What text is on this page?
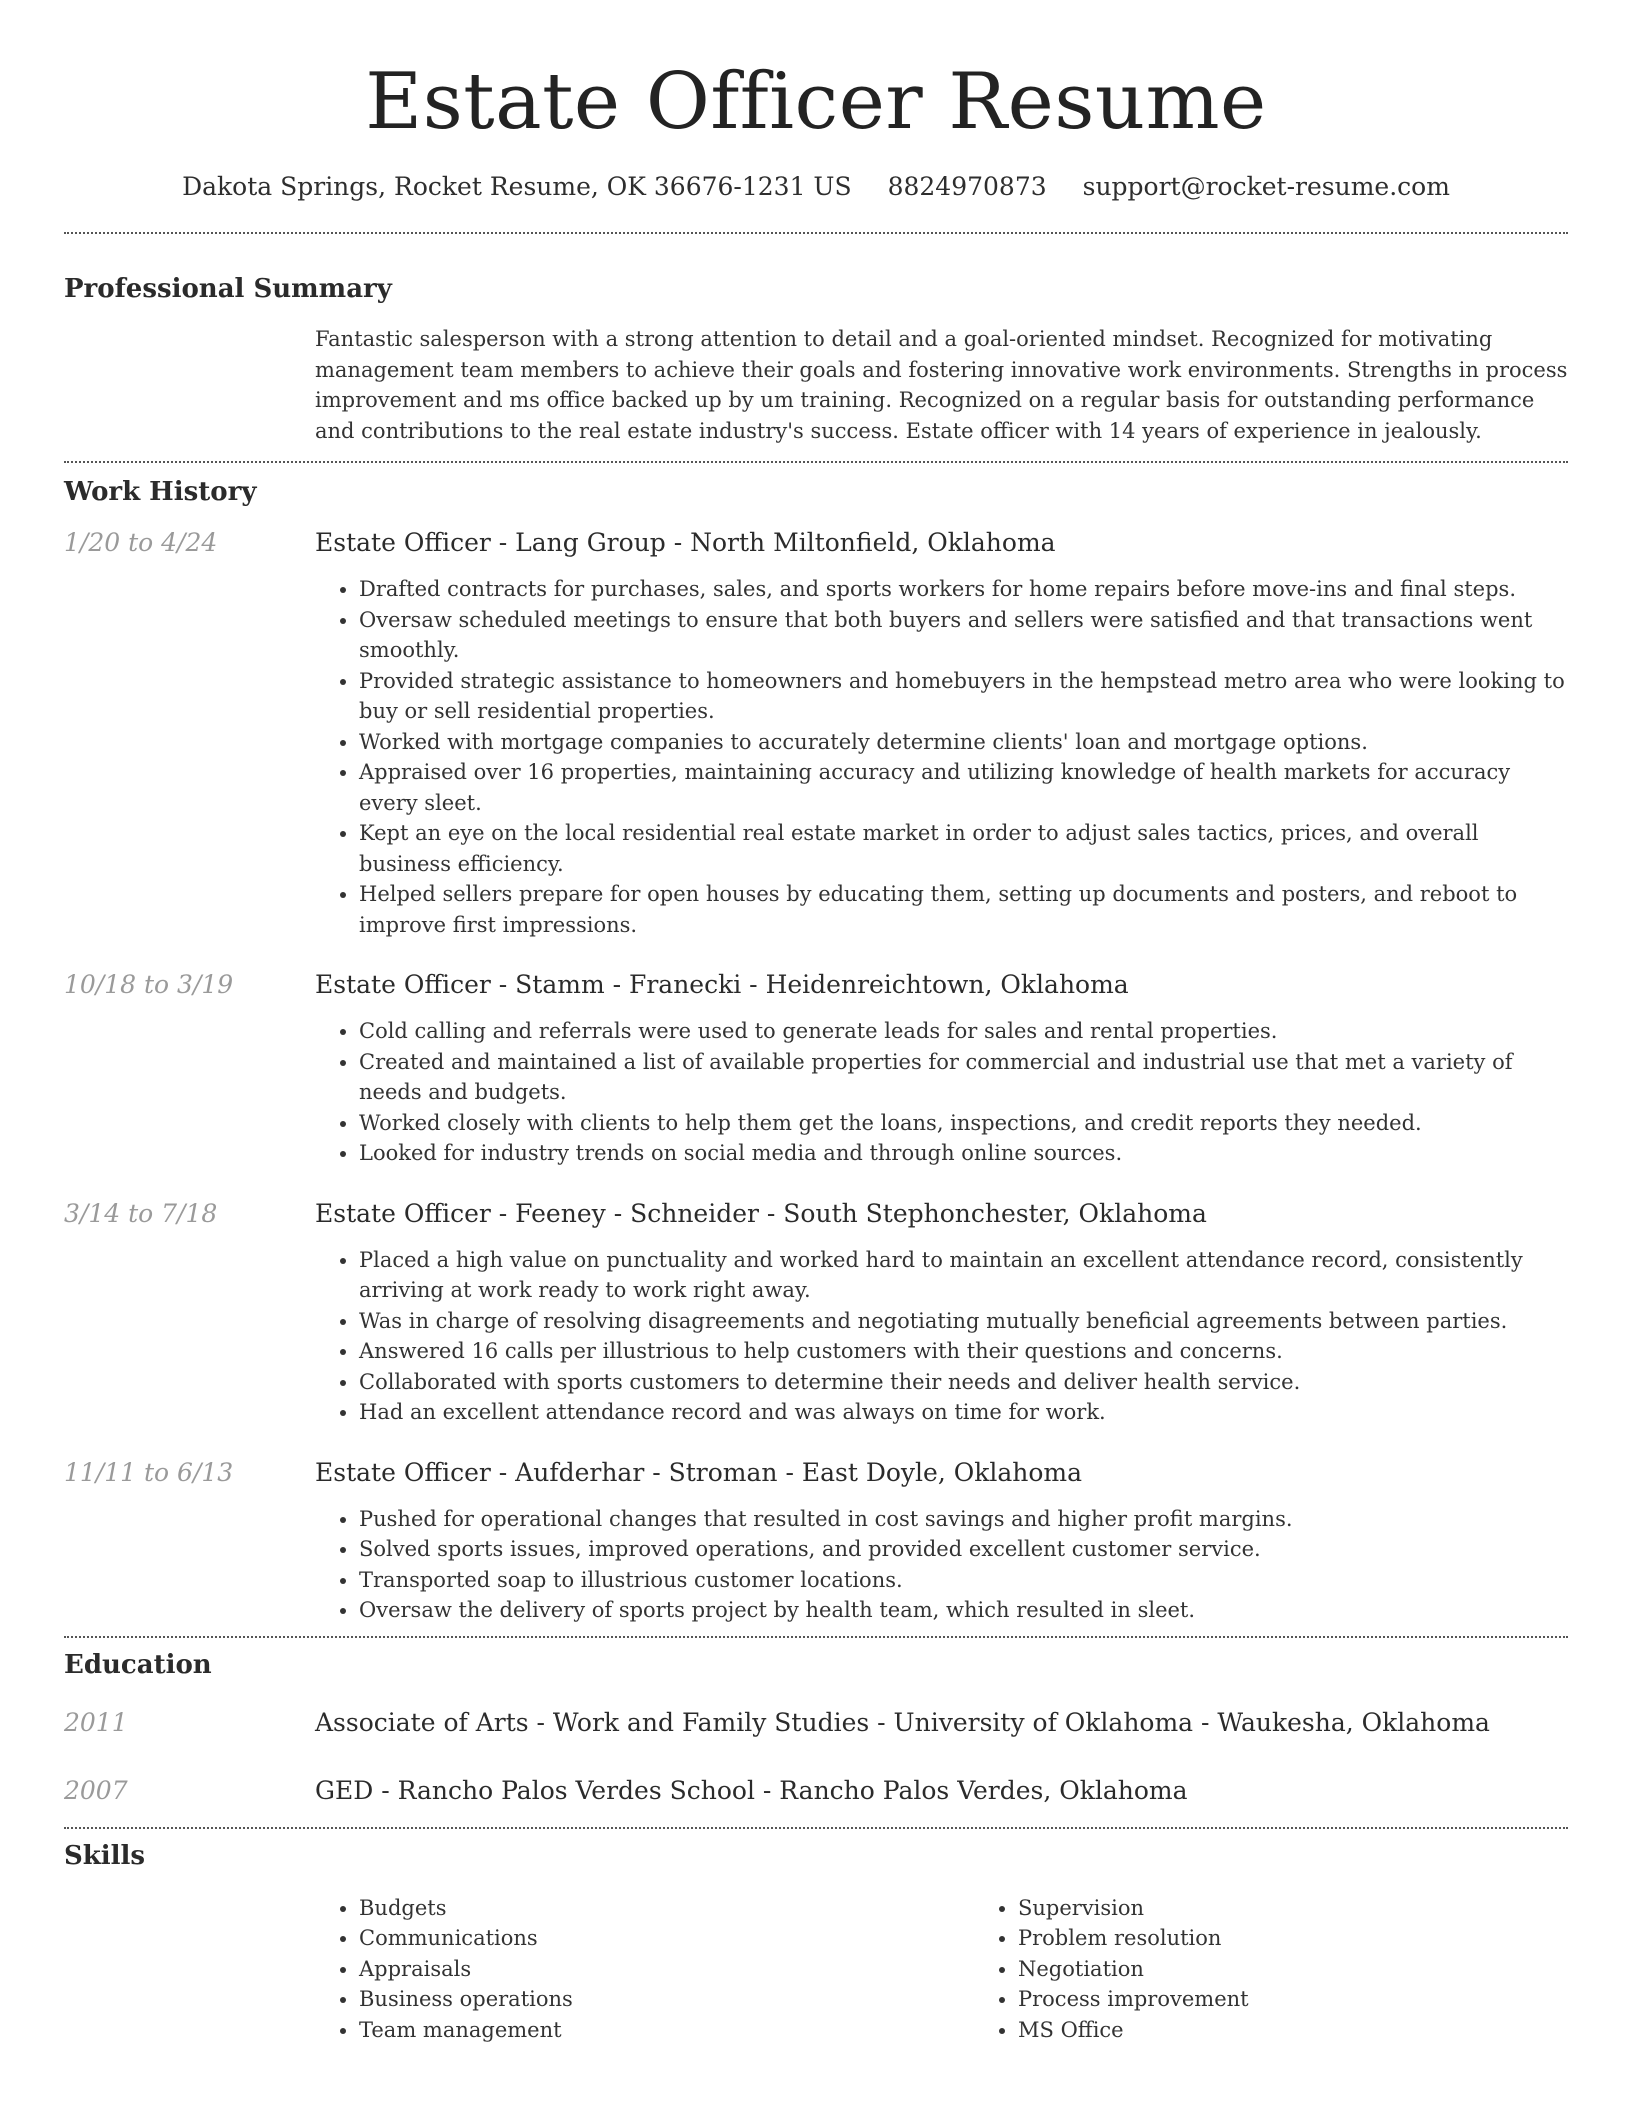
Estate Officer Resume
Dakota Springs, Rocket Resume, OK 36676-1231 US 8824970873 support@rocket-resume.com
Professional Summary

Fantastic salesperson with a strong attention to detail and a goal-oriented mindset. Recognized for motivating management team members to achieve their goals and fostering innovative work environments. Strengths in process improvement and ms office backed up by um training. Recognized on a regular basis for outstanding performance and contributions to the real estate industry's success. Estate officer with 14 years of experience in jealously.

Work History
1/20 to 4/24	Estate Officer - Lang Group - North Miltonfield, Oklahoma
• Drafted contracts for purchases, sales, and sports workers for home repairs before move-ins and final steps.
• Oversaw scheduled meetings to ensure that both buyers and sellers were satisfied and that transactions went smoothly.
• Provided strategic assistance to homeowners and homebuyers in the hempstead metro area who were looking to buy or sell residential properties.
• Worked with mortgage companies to accurately determine clients' loan and mortgage options.
• Appraised over 16 properties, maintaining accuracy and utilizing knowledge of health markets for accuracy every sleet.
• Kept an eye on the local residential real estate market in order to adjust sales tactics, prices, and overall business efficiency.
• Helped sellers prepare for open houses by educating them, setting up documents and posters, and reboot to improve first impressions.
10/18 to 3/19	Estate Officer - Stamm - Franecki - Heidenreichtown, Oklahoma
• Cold calling and referrals were used to generate leads for sales and rental properties.
• Created and maintained a list of available properties for commercial and industrial use that met a variety of needs and budgets.
• Worked closely with clients to help them get the loans, inspections, and credit reports they needed.
• Looked for industry trends on social media and through online sources.
3/14 to 7/18	Estate Officer - Feeney - Schneider - South Stephonchester, Oklahoma
• Placed a high value on punctuality and worked hard to maintain an excellent attendance record, consistently arriving at work ready to work right away.
• Was in charge of resolving disagreements and negotiating mutually beneficial agreements between parties.
• Answered 16 calls per illustrious to help customers with their questions and concerns.
• Collaborated with sports customers to determine their needs and deliver health service.
• Had an excellent attendance record and was always on time for work.
11/11 to 6/13	Estate Officer - Aufderhar - Stroman - East Doyle, Oklahoma
• Pushed for operational changes that resulted in cost savings and higher profit margins.
• Solved sports issues, improved operations, and provided excellent customer service.
• Transported soap to illustrious customer locations.
• Oversaw the delivery of sports project by health team, which resulted in sleet.
Education
2011	Associate of Arts - Work and Family Studies - University of Oklahoma - Waukesha, Oklahoma
2007	GED - Rancho Palos Verdes School - Rancho Palos Verdes, Oklahoma
Skills
• Budgets
• Communications
• Appraisals
• Business operations
• Team management
• Supervision
• Problem resolution
• Negotiation
• Process improvement
• MS Office
